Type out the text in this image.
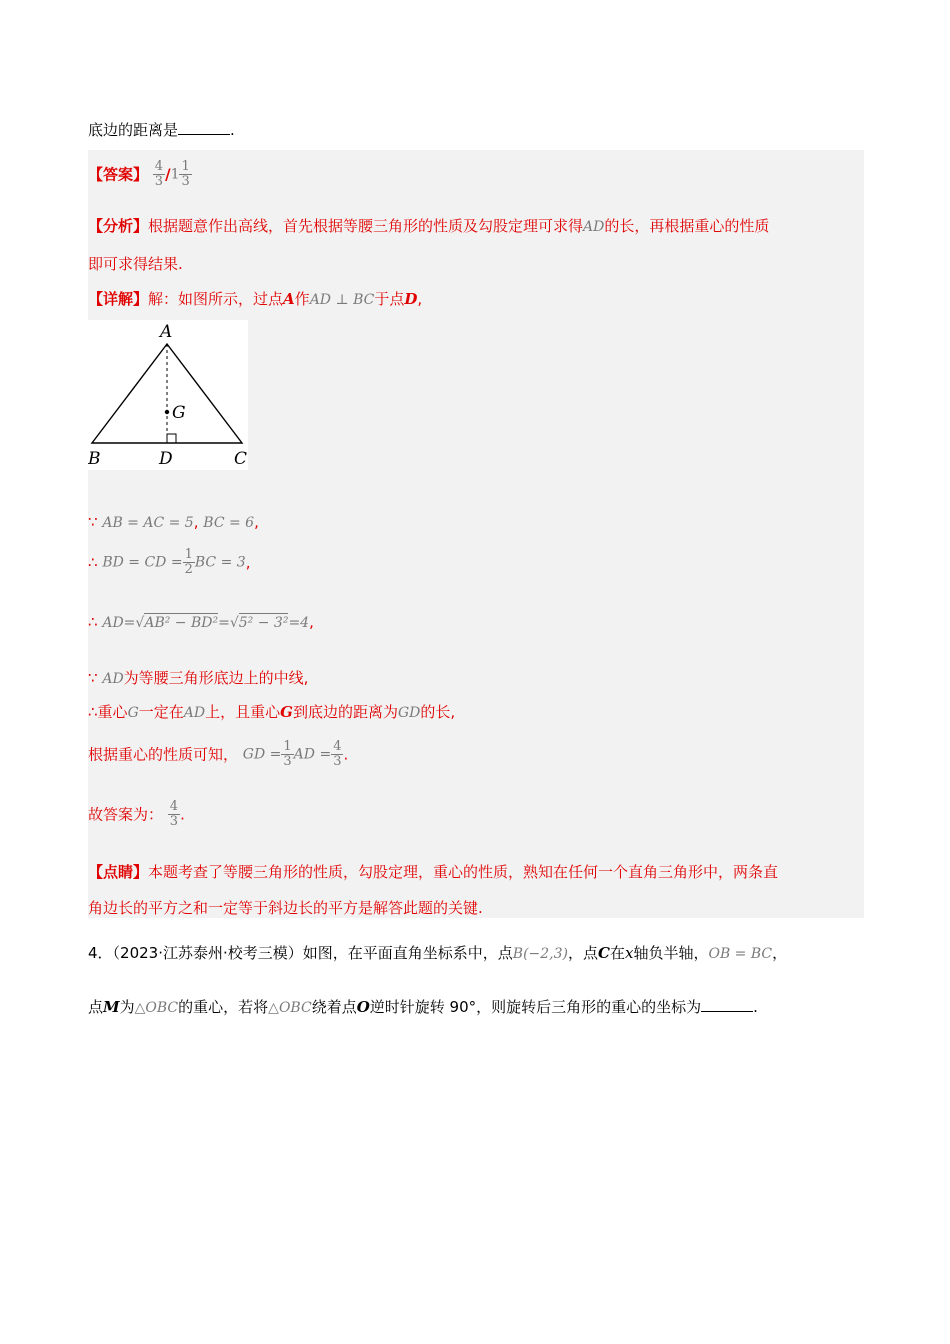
底边的距离是	.
【答案】 $\frac{4}{3} /1 \frac{1}{3}$
【分析】根据题意作出高线，首先根据等腰三角形的性质及勾股定理可求得AD的长，再根据重心的性质
即可求得结果.
【详解】解：如图所示，过点A作AD ⊥ BC于点D,
A
G
B	D	C
∵ AB = AC = 5, BC = 6,
∴ BD = CD = $\frac{1}{2}$ BC = 3,
∴ AD=√AB² − BD²=√5² − 3²=4,
∵ AD为等腰三角形底边上的中线,
∴重心G一定在AD上，且重心G到底边的距离为GD的长,
根据重心的性质可知， GD = $\frac{1}{3}$ AD = $\frac{4}{3}$ .
故答案为： $\frac{4}{3}$ .
【点睛】本题考查了等腰三角形的性质，勾股定理，重心的性质，熟知在任何一个直角三角形中，两条直
角边长的平方之和一定等于斜边长的平方是解答此题的关键.
4．（2023·江苏泰州·校考三模）如图，在平面直角坐标系中，点B(−2,3)，点C在x轴负半轴，OB = BC，
点M为△OBC的重心，若将△OBC绕着点O逆时针旋转 90°，则旋转后三角形的重心的坐标为	.
